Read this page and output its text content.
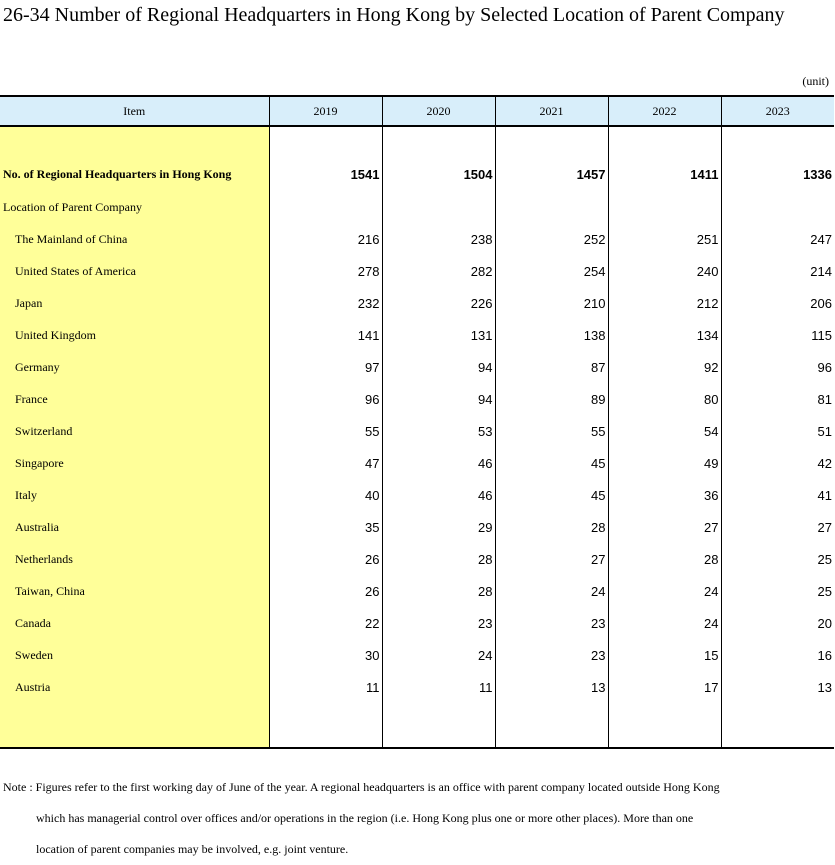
26-34 Number of Regional Headquarters in Hong Kong by Selected Location of Parent Company
(unit)
Item	2019	2020	2021	2022	2023

No. of Regional Headquarters in Hong Kong	1541	1504	1457	1411	1336
Location of Parent Company					
The Mainland of China	216	238	252	251	247
United States of America	278	282	254	240	214
Japan	232	226	210	212	206
United Kingdom	141	131	138	134	115
Germany	97	94	87	92	96
France	96	94	89	80	81
Switzerland	55	53	55	54	51
Singapore	47	46	45	49	42
Italy	40	46	45	36	41
Australia	35	29	28	27	27
Netherlands	26	28	27	28	25
Taiwan, China	26	28	24	24	25
Canada	22	23	23	24	20
Sweden	30	24	23	15	16
Austria	11	11	13	17	13

Note : Figures refer to the first working day of June of the year. A regional headquarters is an office with parent company located outside Hong Kong
which has managerial control over offices and/or operations in the region (i.e. Hong Kong plus one or more other places). More than one
location of parent companies may be involved, e.g. joint venture.
